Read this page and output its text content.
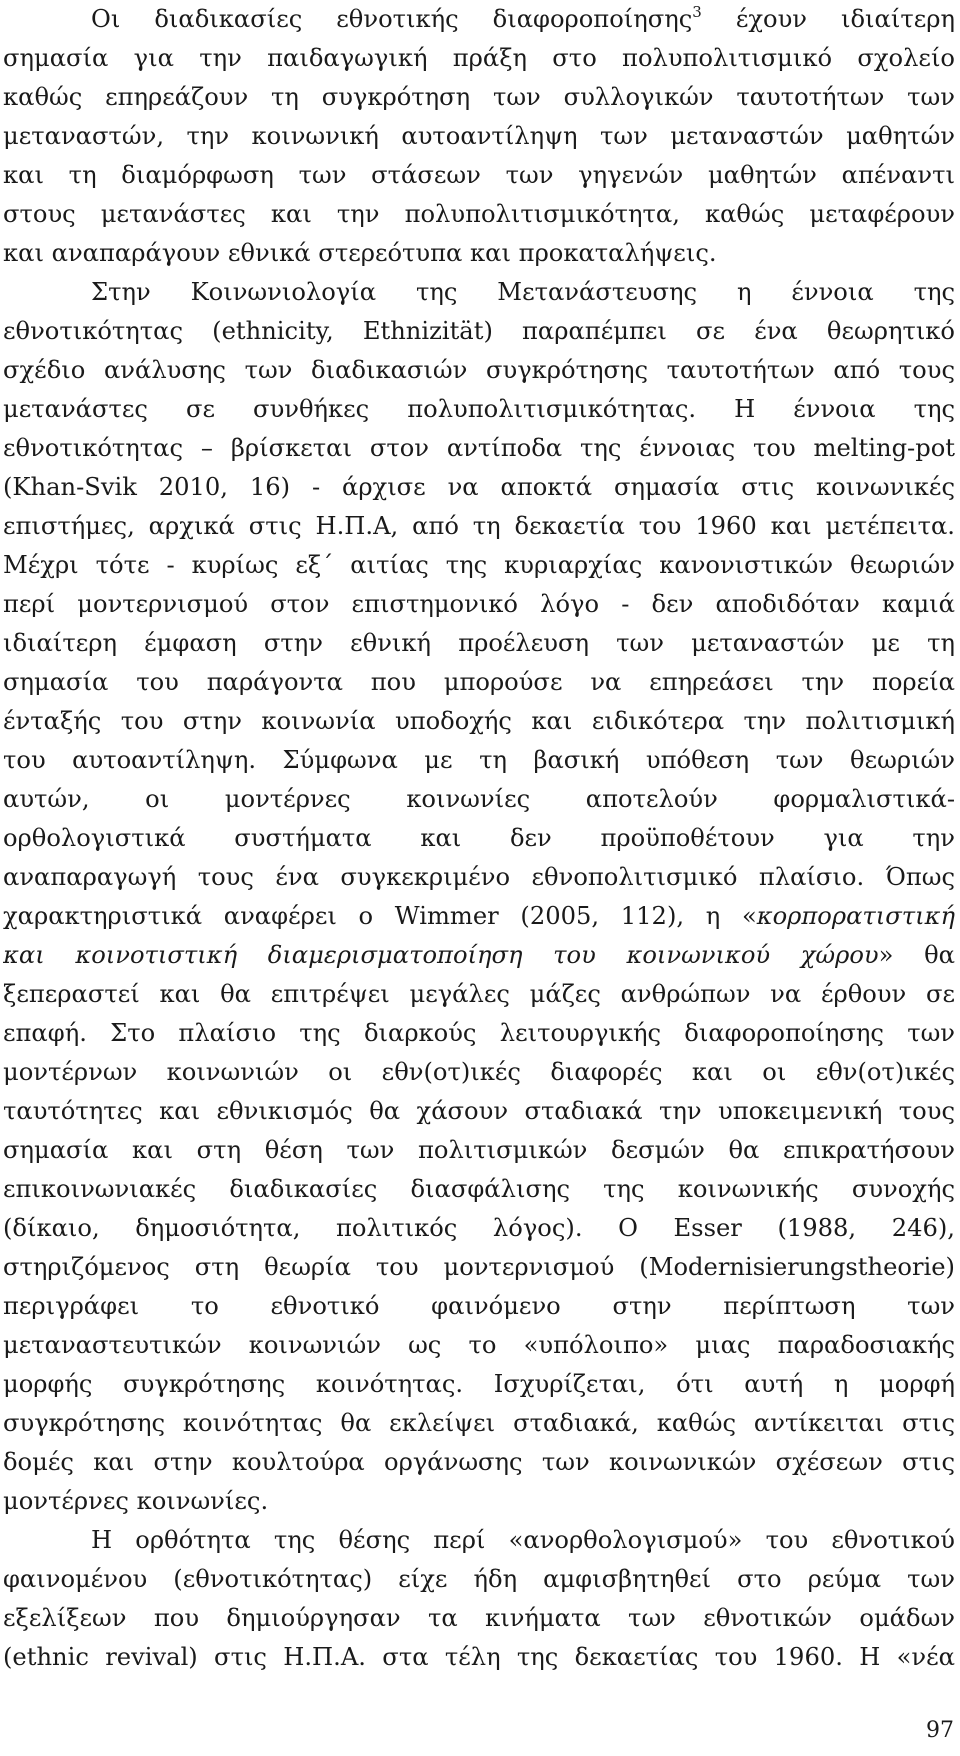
Οι διαδικασίες εθνοτικής διαφοροποίησης$^3$ έχουν ιδιαίτερη
σημασία για την παιδαγωγική πράξη στο πολυπολιτισμικό σχολείο
καθώς επηρεάζουν τη συγκρότηση των συλλογικών ταυτοτήτων των
μεταναστών, την κοινωνική αυτοαντίληψη των μεταναστών μαθητών
και τη διαμόρφωση των στάσεων των γηγενών μαθητών απέναντι
στους μετανάστες και την πολυπολιτισμικότητα, καθώς μεταφέρουν
και αναπαράγουν εθνικά στερεότυπα και προκαταλήψεις.
Στην Κοινωνιολογία της Μετανάστευσης η έννοια της
εθνοτικότητας (ethnicity, Ethnizität) παραπέμπει σε ένα θεωρητικό
σχέδιο ανάλυσης των διαδικασιών συγκρότησης ταυτοτήτων από τους
μετανάστες σε συνθήκες πολυπολιτισμικότητας. Η έννοια της
εθνοτικότητας – βρίσκεται στον αντίποδα της έννοιας του melting-pot
(Khan-Svik 2010, 16) - άρχισε να αποκτά σημασία στις κοινωνικές
επιστήμες, αρχικά στις Η.Π.Α, από τη δεκαετία του 1960 και μετέπειτα.
Μέχρι τότε - κυρίως εξ΄ αιτίας της κυριαρχίας κανονιστικών θεωριών
περί μοντερνισμού στον επιστημονικό λόγο - δεν αποδιδόταν καμιά
ιδιαίτερη έμφαση στην εθνική προέλευση των μεταναστών με τη
σημασία του παράγοντα που μπορούσε να επηρεάσει την πορεία
ένταξής του στην κοινωνία υποδοχής και ειδικότερα την πολιτισμική
του αυτοαντίληψη. Σύμφωνα με τη βασική υπόθεση των θεωριών
αυτών, οι μοντέρνες κοινωνίες αποτελούν φορμαλιστικά-
ορθολογιστικά συστήματα και δεν προϋποθέτουν για την
αναπαραγωγή τους ένα συγκεκριμένο εθνοπολιτισμικό πλαίσιο. Όπως
χαρακτηριστικά αναφέρει ο Wimmer (2005, 112), η «κορπορατιστική
και κοινοτιστική διαμερισματοποίηση του κοινωνικού χώρου» θα
ξεπεραστεί και θα επιτρέψει μεγάλες μάζες ανθρώπων να έρθουν σε
επαφή. Στο πλαίσιο της διαρκούς λειτουργικής διαφοροποίησης των
μοντέρνων κοινωνιών οι εθν(οτ)ικές διαφορές και οι εθν(οτ)ικές
ταυτότητες και εθνικισμός θα χάσουν σταδιακά την υποκειμενική τους
σημασία και στη θέση των πολιτισμικών δεσμών θα επικρατήσουν
επικοινωνιακές διαδικασίες διασφάλισης της κοινωνικής συνοχής
(δίκαιο, δημοσιότητα, πολιτικός λόγος). Ο Esser (1988, 246),
στηριζόμενος στη θεωρία του μοντερνισμού (Modernisierungstheorie)
περιγράφει το εθνοτικό φαινόμενο στην περίπτωση των
μεταναστευτικών κοινωνιών ως το «υπόλοιπο» μιας παραδοσιακής
μορφής συγκρότησης κοινότητας. Ισχυρίζεται, ότι αυτή η μορφή
συγκρότησης κοινότητας θα εκλείψει σταδιακά, καθώς αντίκειται στις
δομές και στην κουλτούρα οργάνωσης των κοινωνικών σχέσεων στις
μοντέρνες κοινωνίες.
Η ορθότητα της θέσης περί «ανορθολογισμού» του εθνοτικού
φαινομένου (εθνοτικότητας) είχε ήδη αμφισβητηθεί στο ρεύμα των
εξελίξεων που δημιούργησαν τα κινήματα των εθνοτικών ομάδων
(ethnic revival) στις Η.Π.Α. στα τέλη της δεκαετίας του 1960. Η «νέα
97
